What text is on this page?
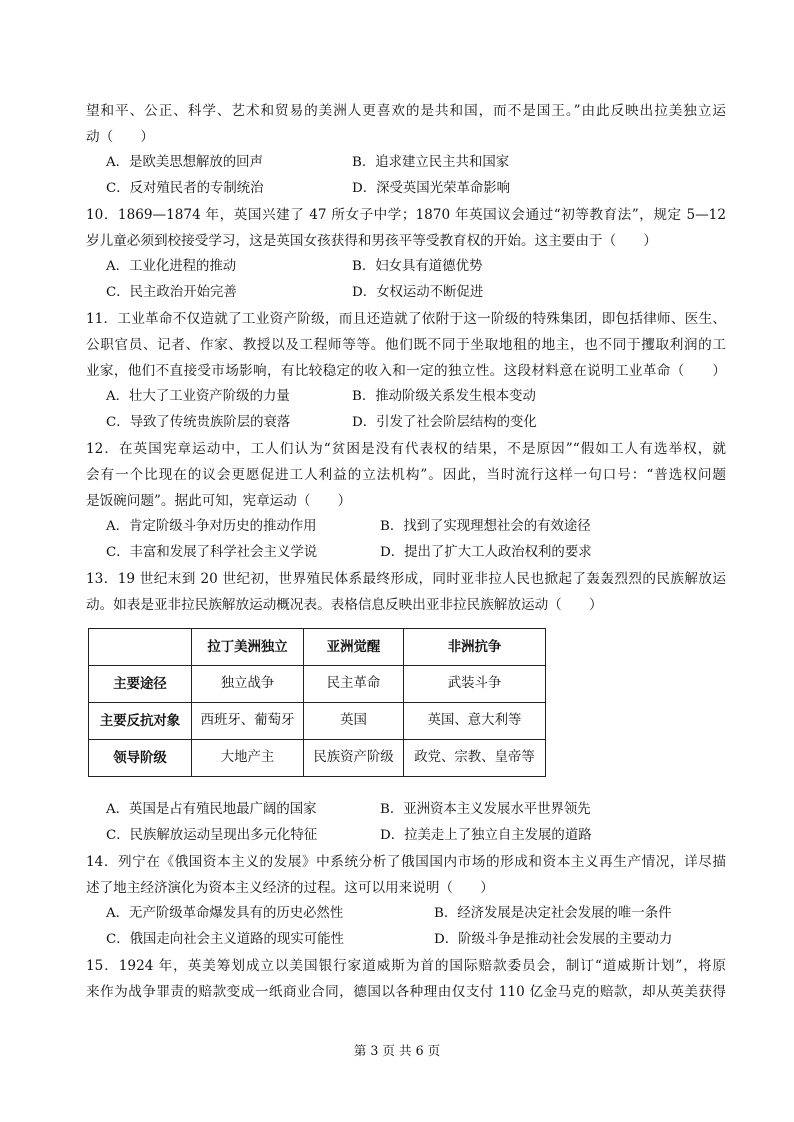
望和平、公正、科学、艺术和贸易的美洲人更喜欢的是共和国，而不是国王。”由此反映出拉美独立运
动（　　）
A．是欧美思想解放的回声	B．追求建立民主共和国家
C．反对殖民者的专制统治	D．深受英国光荣革命影响
10．1869—1874 年，英国兴建了 47 所女子中学；1870 年英国议会通过“初等教育法”，规定 5—12
岁儿童必须到校接受学习，这是英国女孩获得和男孩平等受教育权的开始。这主要由于（　　）
A．工业化进程的推动	B．妇女具有道德优势
C．民主政治开始完善	D．女权运动不断促进
11．工业革命不仅造就了工业资产阶级，而且还造就了依附于这一阶级的特殊集团，即包括律师、医生、
公职官员、记者、作家、教授以及工程师等等。他们既不同于坐取地租的地主，也不同于攫取利润的工
业家，他们不直接受市场影响，有比较稳定的收入和一定的独立性。这段材料意在说明工业革命（　　）
A．壮大了工业资产阶级的力量	B．推动阶级关系发生根本变动
C．导致了传统贵族阶层的衰落	D．引发了社会阶层结构的变化
12．在英国宪章运动中，工人们认为“贫困是没有代表权的结果，不是原因”“假如工人有选举权，就
会有一个比现在的议会更愿促进工人利益的立法机构”。因此，当时流行这样一句口号：“普选权问题
是饭碗问题”。据此可知，宪章运动（　　）
A．肯定阶级斗争对历史的推动作用	B．找到了实现理想社会的有效途径
C．丰富和发展了科学社会主义学说	D．提出了扩大工人政治权利的要求
13．19 世纪末到 20 世纪初，世界殖民体系最终形成，同时亚非拉人民也掀起了轰轰烈烈的民族解放运
动。如表是亚非拉民族解放运动概况表。表格信息反映出亚非拉民族解放运动（　　）
	拉丁美洲独立	亚洲觉醒	非洲抗争
主要途径	独立战争	民主革命	武装斗争
主要反抗对象	西班牙、葡萄牙	英国	英国、意大利等
领导阶级	大地产主	民族资产阶级	政党、宗教、皇帝等
A．英国是占有殖民地最广阔的国家	B．亚洲资本主义发展水平世界领先
C．民族解放运动呈现出多元化特征	D．拉美走上了独立自主发展的道路
14．列宁在《俄国资本主义的发展》中系统分析了俄国国内市场的形成和资本主义再生产情况，详尽描
述了地主经济演化为资本主义经济的过程。这可以用来说明（　　）
A．无产阶级革命爆发具有的历史必然性	B．经济发展是决定社会发展的唯一条件
C．俄国走向社会主义道路的现实可能性	D．阶级斗争是推动社会发展的主要动力
15．1924 年，英美筹划成立以美国银行家道威斯为首的国际赔款委员会，制订“道威斯计划”，将原
来作为战争罪责的赔款变成一纸商业合同，德国以各种理由仅支付 110 亿金马克的赔款，却从英美获得
第 3 页 共 6 页
